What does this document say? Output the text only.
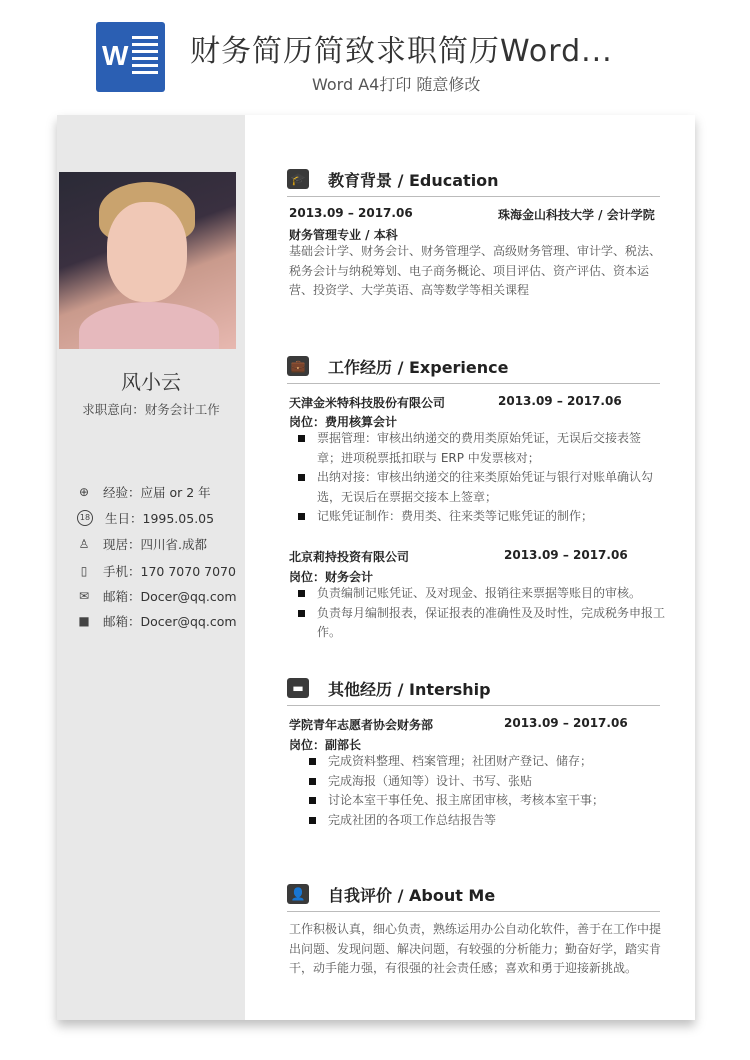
W 财务简历简致求职简历Word...
Word A4打印 随意修改
风小云
求职意向：财务会计工作
⊕ 经验：应届 or 2 年
18 生日：1995.05.05
♙ 现居：四川省.成都
▯ 手机：170 7070 7070
✉ 邮箱：Docer@qq.com
■ 邮箱：Docer@qq.com
🎓 教育背景 / Education
2013.09 – 2017.06	珠海金山科技大学 / 会计学院
财务管理专业 / 本科
基础会计学、财务会计、财务管理学、高级财务管理、审计学、税法、税务会计与纳税筹划、电子商务概论、项目评估、资产评估、资本运营、投资学、大学英语、高等数学等相关课程
💼 工作经历 / Experience
天津金米特科技股份有限公司	2013.09 – 2017.06
岗位：费用核算会计
票据管理：审核出纳递交的费用类原始凭证，无误后交接表签章；进项税票抵扣联与 ERP 中发票核对；
出纳对接：审核出纳递交的往来类原始凭证与银行对账单确认勾选，无误后在票据交接本上签章；
记账凭证制作：费用类、往来类等记账凭证的制作；
北京莉持投资有限公司	2013.09 – 2017.06
岗位：财务会计
负责编制记账凭证、及对现金、报销往来票据等账目的审核。
负责每月编制报表，保证报表的准确性及及时性，完成税务申报工作。
▬	其他经历 / Intership
学院青年志愿者协会财务部	2013.09 – 2017.06
岗位：副部长
完成资料整理、档案管理；社团财产登记、储存；
完成海报（通知等）设计、书写、张贴
讨论本室干事任免、报主席团审核，考核本室干事；
完成社团的各项工作总结报告等
👤 自我评价 / About Me
工作积极认真，细心负责，熟练运用办公自动化软件，善于在工作中提出问题、发现问题、解决问题，有较强的分析能力；勤奋好学，踏实肯干，动手能力强，有很强的社会责任感；喜欢和勇于迎接新挑战。
